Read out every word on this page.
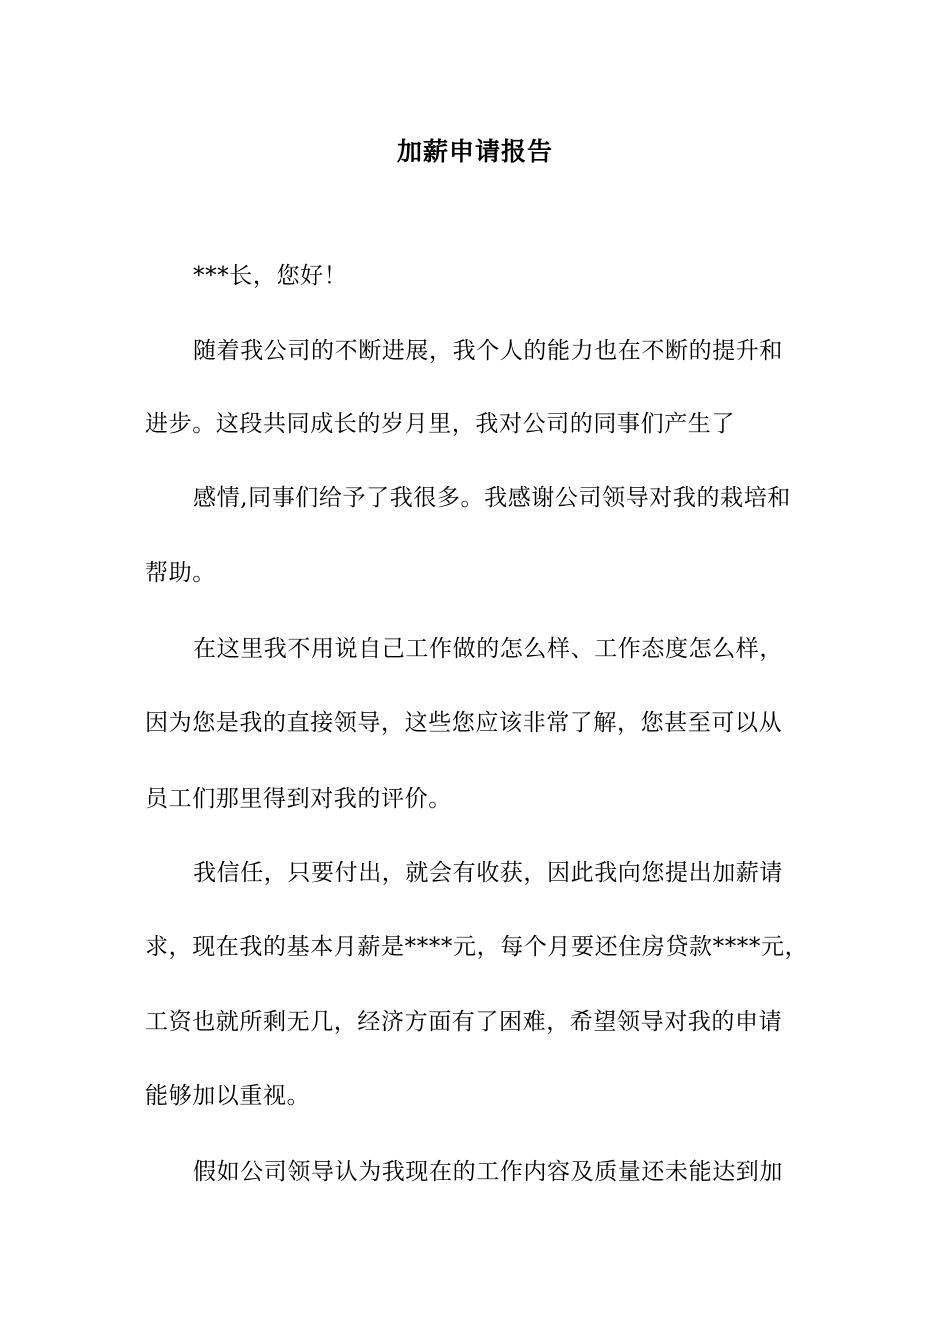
加薪申请报告
***长，您好！
随着我公司的不断进展，我个人的能力也在不断的提升和
进步。这段共同成长的岁月里，我对公司的同事们产生了
感情,同事们给予了我很多。我感谢公司领导对我的栽培和
帮助。
在这里我不用说自己工作做的怎么样、工作态度怎么样，
因为您是我的直接领导，这些您应该非常了解，您甚至可以从
员工们那里得到对我的评价。
我信任，只要付出，就会有收获，因此我向您提出加薪请
求，现在我的基本月薪是****元，每个月要还住房贷款****元，
工资也就所剩无几，经济方面有了困难，希望领导对我的申请
能够加以重视。
假如公司领导认为我现在的工作内容及质量还未能达到加
